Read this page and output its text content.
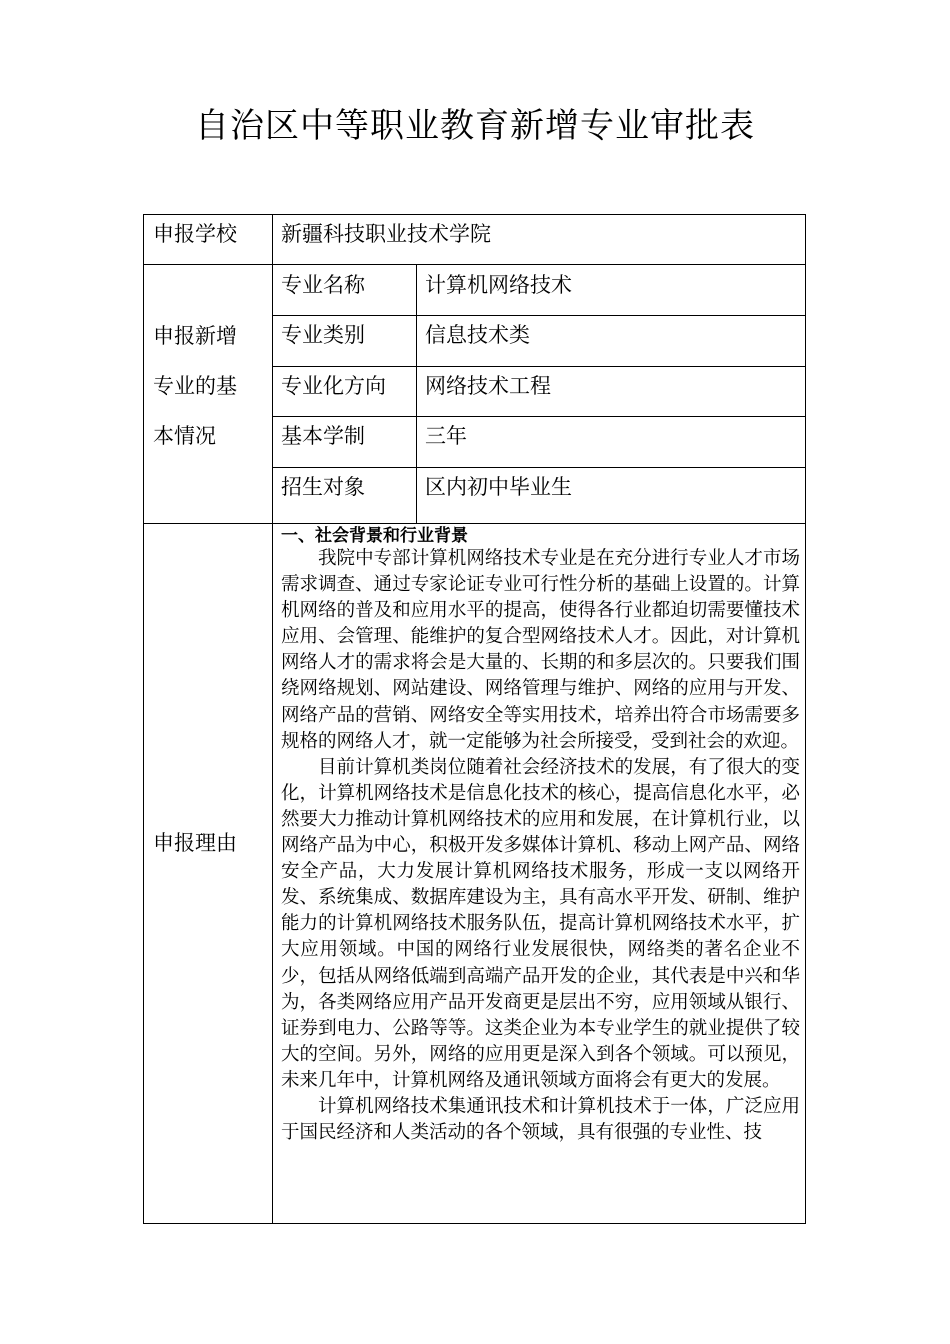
自治区中等职业教育新增专业审批表
申报学校 新疆科技职业技术学院
申报新增
专业的基
本情况
专业名称	计算机网络技术
专业类别	信息技术类
专业化方向 网络技术工程
基本学制	三年
招生对象	区内初中毕业生
申报理由
一、社会背景和行业背景

我院中专部计算机网络技术专业是在充分进行专业人才市场需求调查、通过专家论证专业可行性分析的基础上设置的。计算机网络的普及和应用水平的提高，使得各行业都迫切需要懂技术应用、会管理、能维护的复合型网络技术人才。因此，对计算机网络人才的需求将会是大量的、长期的和多层次的。只要我们围绕网络规划、网站建设、网络管理与维护、网络的应用与开发、网络产品的营销、网络安全等实用技术，培养出符合市场需要多规格的网络人才，就一定能够为社会所接受，受到社会的欢迎。

目前计算机类岗位随着社会经济技术的发展，有了很大的变化，计算机网络技术是信息化技术的核心，提高信息化水平，必然要大力推动计算机网络技术的应用和发展，在计算机行业，以网络产品为中心，积极开发多媒体计算机、移动上网产品、网络安全产品，大力发展计算机网络技术服务，形成一支以网络开发、系统集成、数据库建设为主，具有高水平开发、研制、维护能力的计算机网络技术服务队伍，提高计算机网络技术水平，扩大应用领域。中国的网络行业发展很快，网络类的著名企业不少，包括从网络低端到高端产品开发的企业，其代表是中兴和华为，各类网络应用产品开发商更是层出不穷，应用领域从银行、证券到电力、公路等等。这类企业为本专业学生的就业提供了较大的空间。另外，网络的应用更是深入到各个领域。可以预见，未来几年中，计算机网络及通讯领域方面将会有更大的发展。

计算机网络技术集通讯技术和计算机技术于一体，广泛应用于国民经济和人类活动的各个领域，具有很强的专业性、技
